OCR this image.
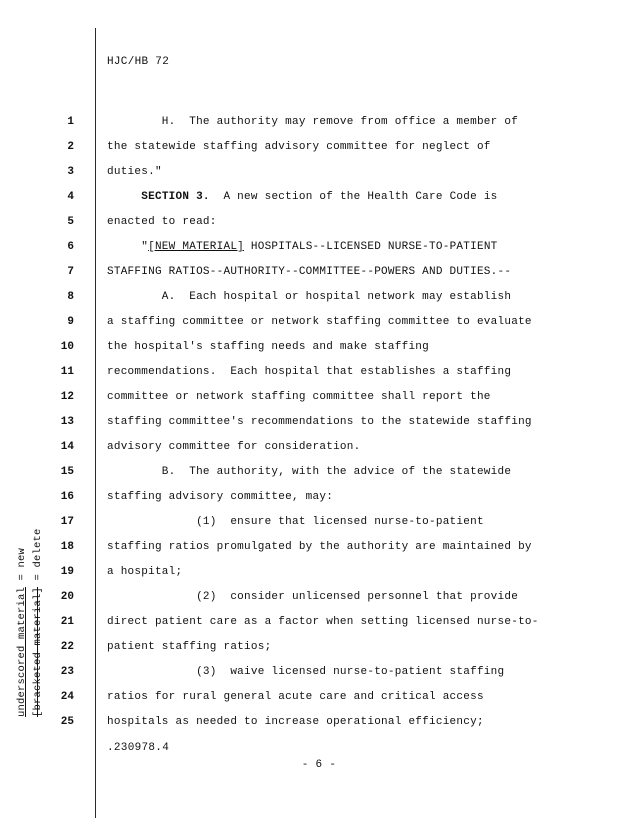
underscored material = new
[bracketed material] = delete
HJC/HB 72
1	H.  The authority may remove from office a member of
2	the statewide staffing advisory committee for neglect of
3	duties."
4	SECTION 3.  A new section of the Health Care Code is
5	enacted to read:
6	"[NEW MATERIAL] HOSPITALS--LICENSED NURSE-TO-PATIENT
7	STAFFING RATIOS--AUTHORITY--COMMITTEE--POWERS AND DUTIES.--
8	A.  Each hospital or hospital network may establish
9	a staffing committee or network staffing committee to evaluate
10	the hospital's staffing needs and make staffing
11	recommendations.  Each hospital that establishes a staffing
12	committee or network staffing committee shall report the
13	staffing committee's recommendations to the statewide staffing
14	advisory committee for consideration.
15	B.  The authority, with the advice of the statewide
16	staffing advisory committee, may:
17	(1)  ensure that licensed nurse-to-patient
18	staffing ratios promulgated by the authority are maintained by
19	a hospital;
20	(2)  consider unlicensed personnel that provide
21	direct patient care as a factor when setting licensed nurse-to-
22	patient staffing ratios;
23	(3)  waive licensed nurse-to-patient staffing
24	ratios for rural general acute care and critical access
25	hospitals as needed to increase operational efficiency;
.230978.4
- 6 -
